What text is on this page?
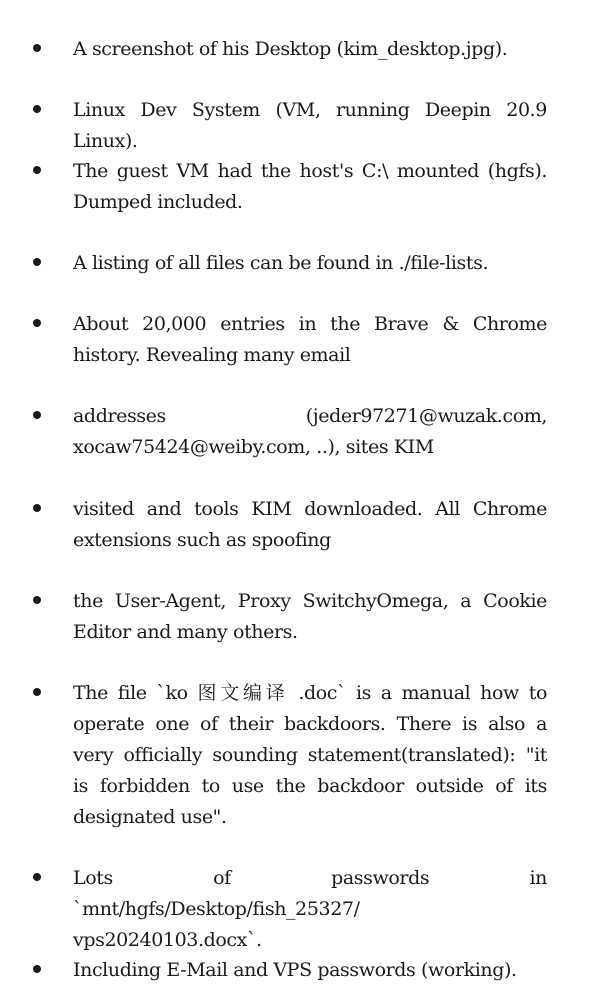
A screenshot of his Desktop (kim_desktop.jpg).
Linux Dev System (VM, running Deepin 20.9 Linux).
The guest VM had the host's C:\ mounted (hgfs). Dumped included.
A listing of all files can be found in ./file-lists.
About 20,000 entries in the Brave & Chrome history. Revealing many email
addresses (jeder97271@wuzak.com, xocaw75424@weiby.com, ..), sites KIM
visited and tools KIM downloaded. All Chrome extensions such as spoofing
the User-Agent, Proxy SwitchyOmega, a Cookie Editor and many others.
The file `ko 图文编译 .doc` is a manual how to operate one of their backdoors. There is also a very officially sounding statement(translated): "it is forbidden to use the backdoor outside of its designated use".
Lots of passwords in `mnt/hgfs/Desktop/fish_25327/ vps20240103.docx`.
Including E-Mail and VPS passwords (working).
